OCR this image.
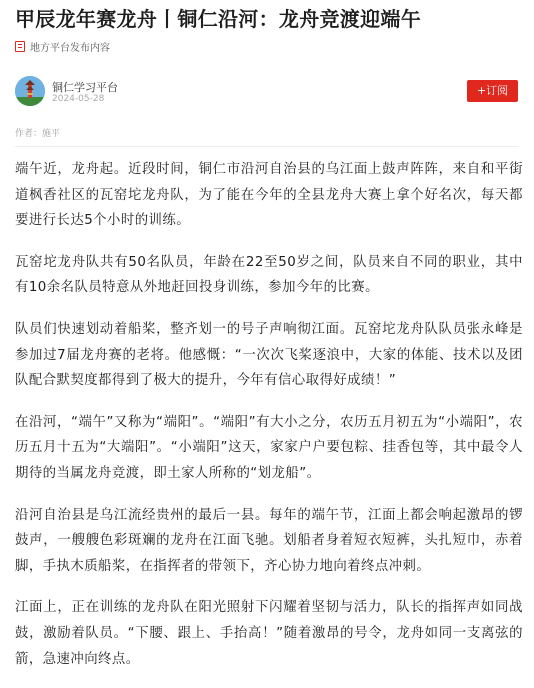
甲辰龙年赛龙舟丨铜仁沿河：龙舟竞渡迎端午
地方平台发布内容
铜仁学习平台
2024-05-28
+订阅
作者：施平

端午近，龙舟起。近段时间，铜仁市沿河自治县的乌江面上鼓声阵阵，来自和平街道枫香社区的瓦窑坨龙舟队，为了能在今年的全县龙舟大赛上拿个好名次，每天都要进行长达5个小时的训练。

瓦窑坨龙舟队共有50名队员，年龄在22至50岁之间，队员来自不同的职业，其中有10余名队员特意从外地赶回投身训练，参加今年的比赛。

队员们快速划动着船桨，整齐划一的号子声响彻江面。瓦窑坨龙舟队队员张永峰是参加过7届龙舟赛的老将。他感慨：“一次次飞桨逐浪中，大家的体能、技术以及团队配合默契度都得到了极大的提升，今年有信心取得好成绩！”

在沿河，“端午”又称为“端阳”。“端阳”有大小之分，农历五月初五为“小端阳”，农历五月十五为“大端阳”。“小端阳”这天，家家户户要包粽、挂香包等，其中最令人期待的当属龙舟竞渡，即土家人所称的“划龙船”。

沿河自治县是乌江流经贵州的最后一县。每年的端午节，江面上都会响起激昂的锣鼓声，一艘艘色彩斑斓的龙舟在江面飞驰。划船者身着短衣短裤，头扎短巾，赤着脚，手执木质船桨，在指挥者的带领下，齐心协力地向着终点冲刺。

江面上，正在训练的龙舟队在阳光照射下闪耀着坚韧与活力，队长的指挥声如同战鼓，激励着队员。“下腰、跟上、手抬高！”随着激昂的号令，龙舟如同一支离弦的箭，急速冲向终点。
